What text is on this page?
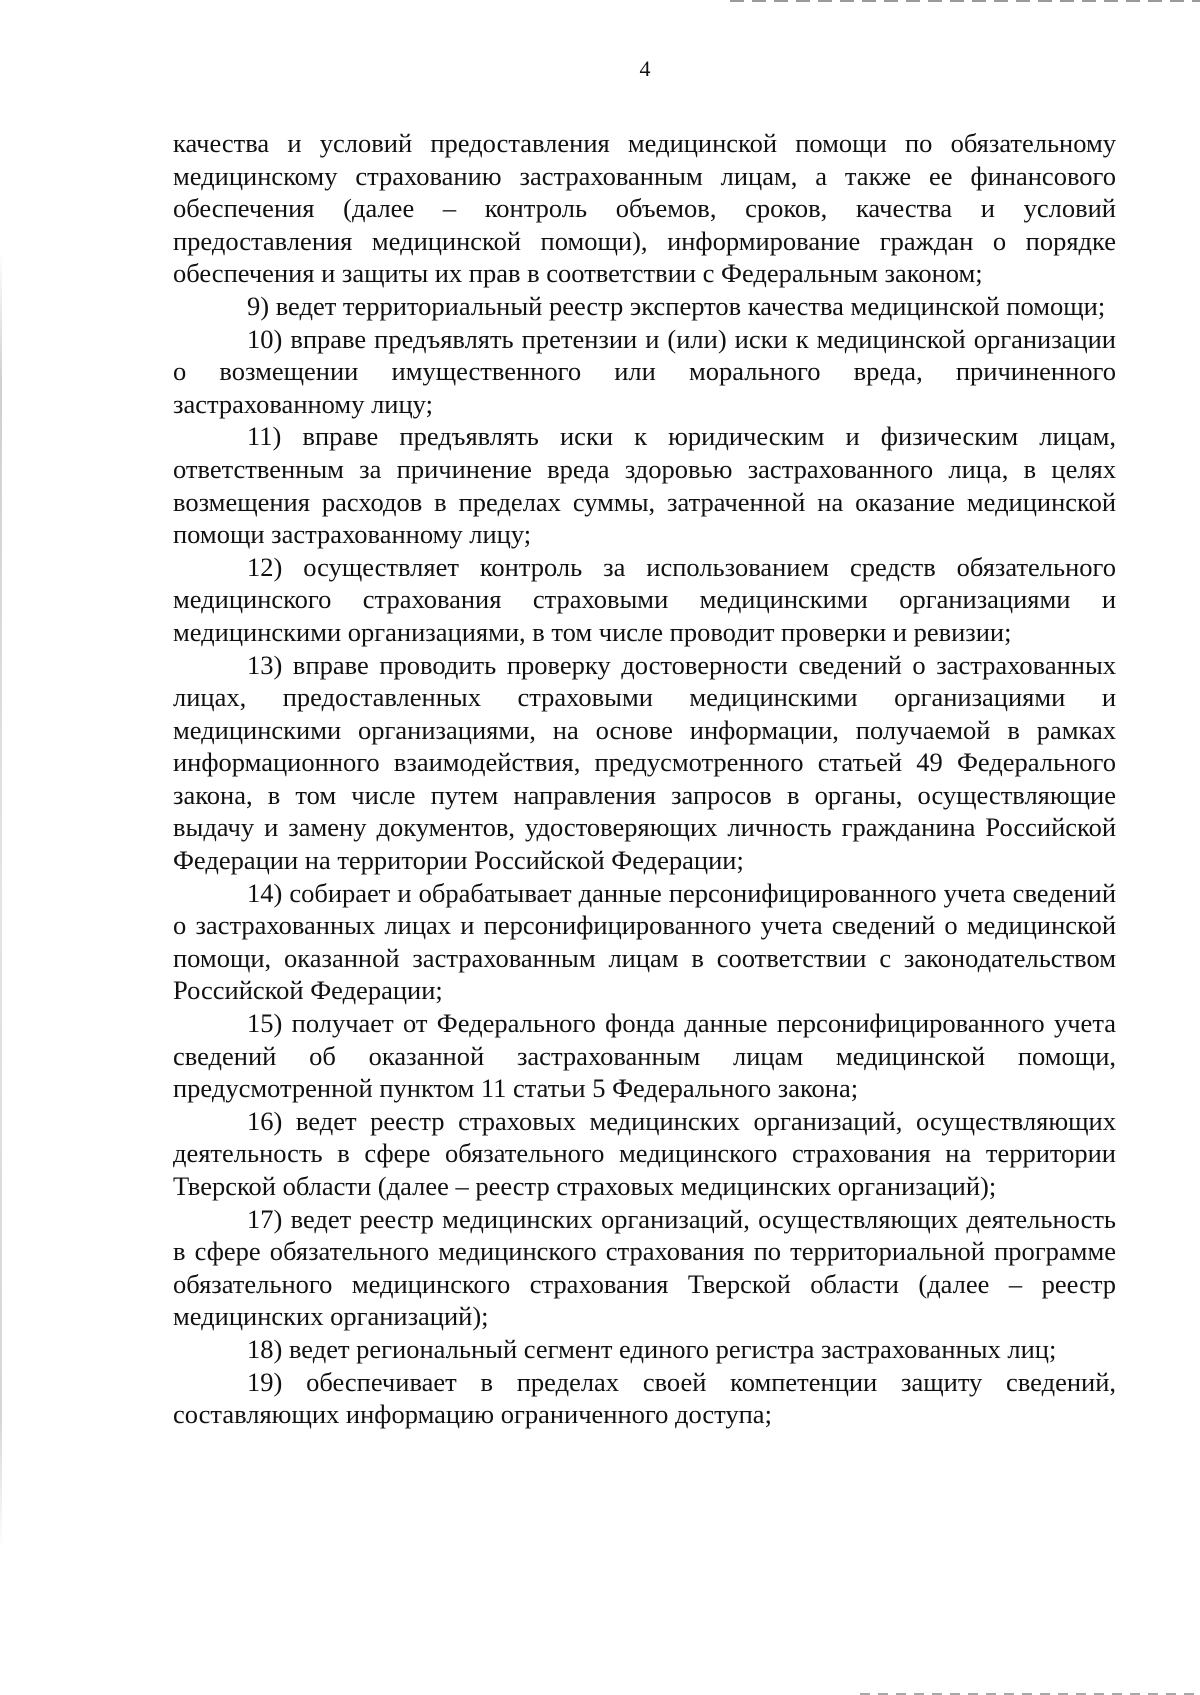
4

качества и условий предоставления медицинской помощи по обязательному медицинскому страхованию застрахованным лицам, а также ее финансового обеспечения (далее – контроль объемов, сроков, качества и условий предоставления медицинской помощи), информирование граждан о порядке обеспечения и защиты их прав в соответствии с Федеральным законом;

9) ведет территориальный реестр экспертов качества медицинской помощи;

10) вправе предъявлять претензии и (или) иски к медицинской организации о возмещении имущественного или морального вреда, причиненного застрахованному лицу;

11) вправе предъявлять иски к юридическим и физическим лицам, ответственным за причинение вреда здоровью застрахованного лица, в целях возмещения расходов в пределах суммы, затраченной на оказание медицинской помощи застрахованному лицу;

12) осуществляет контроль за использованием средств обязательного медицинского страхования страховыми медицинскими организациями и медицинскими организациями, в том числе проводит проверки и ревизии;

13) вправе проводить проверку достоверности сведений о застрахованных лицах, предоставленных страховыми медицинскими организациями и медицинскими организациями, на основе информации, получаемой в рамках информационного взаимодействия, предусмотренного статьей 49 Федерального закона, в том числе путем направления запросов в органы, осуществляющие выдачу и замену документов, удостоверяющих личность гражданина Российской Федерации на территории Российской Федерации;

14) собирает и обрабатывает данные персонифицированного учета сведений о застрахованных лицах и персонифицированного учета сведений о медицинской помощи, оказанной застрахованным лицам в соответствии с законодательством Российской Федерации;

15) получает от Федерального фонда данные персонифицированного учета сведений об оказанной застрахованным лицам медицинской помощи, предусмотренной пунктом 11 статьи 5 Федерального закона;

16) ведет реестр страховых медицинских организаций, осуществляющих деятельность в сфере обязательного медицинского страхования на территории Тверской области (далее – реестр страховых медицинских организаций);

17) ведет реестр медицинских организаций, осуществляющих деятельность в сфере обязательного медицинского страхования по территориальной программе обязательного медицинского страхования Тверской области (далее – реестр медицинских организаций);

18) ведет региональный сегмент единого регистра застрахованных лиц;

19) обеспечивает в пределах своей компетенции защиту сведений, составляющих информацию ограниченного доступа;
